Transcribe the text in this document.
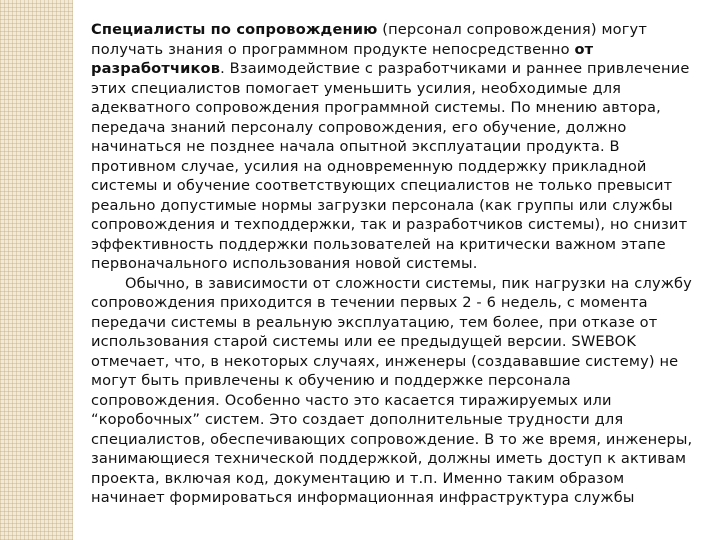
Специалисты по сопровождению (персонал сопровождения) могут получать знания о программном продукте непосредственно от разработчиков. Взаимодействие с разработчиками и раннее привлечение этих специалистов помогает уменьшить усилия, необходимые для адекватного сопровождения программной системы. По мнению автора, передача знаний персоналу сопровождения, его обучение, должно начинаться не позднее начала опытной эксплуатации продукта. В противном случае, усилия на одновременную поддержку прикладной системы и обучение соответствующих специалистов не только превысит реально допустимые нормы загрузки персонала (как группы или службы сопровождения и техподдержки, так и разработчиков системы), но снизит эффективность поддержки пользователей на критически важном этапе первоначального использования новой системы.

Обычно, в зависимости от сложности системы, пик нагрузки на службу сопровождения приходится в течении первых 2 - 6 недель, с момента передачи системы в реальную эксплуатацию, тем более, при отказе от использования старой системы или ее предыдущей версии. SWEBOK отмечает, что, в некоторых случаях, инженеры (создававшие систему) не могут быть привлечены к обучению и поддержке персонала сопровождения. Особенно часто это касается тиражируемых или “коробочных” систем. Это создает дополнительные трудности для специалистов, обеспечивающих сопровождение. В то же время, инженеры, занимающиеся технической поддержкой, должны иметь доступ к активам проекта, включая код, документацию и т.п. Именно таким образом начинает формироваться информационная инфраструктура службы
